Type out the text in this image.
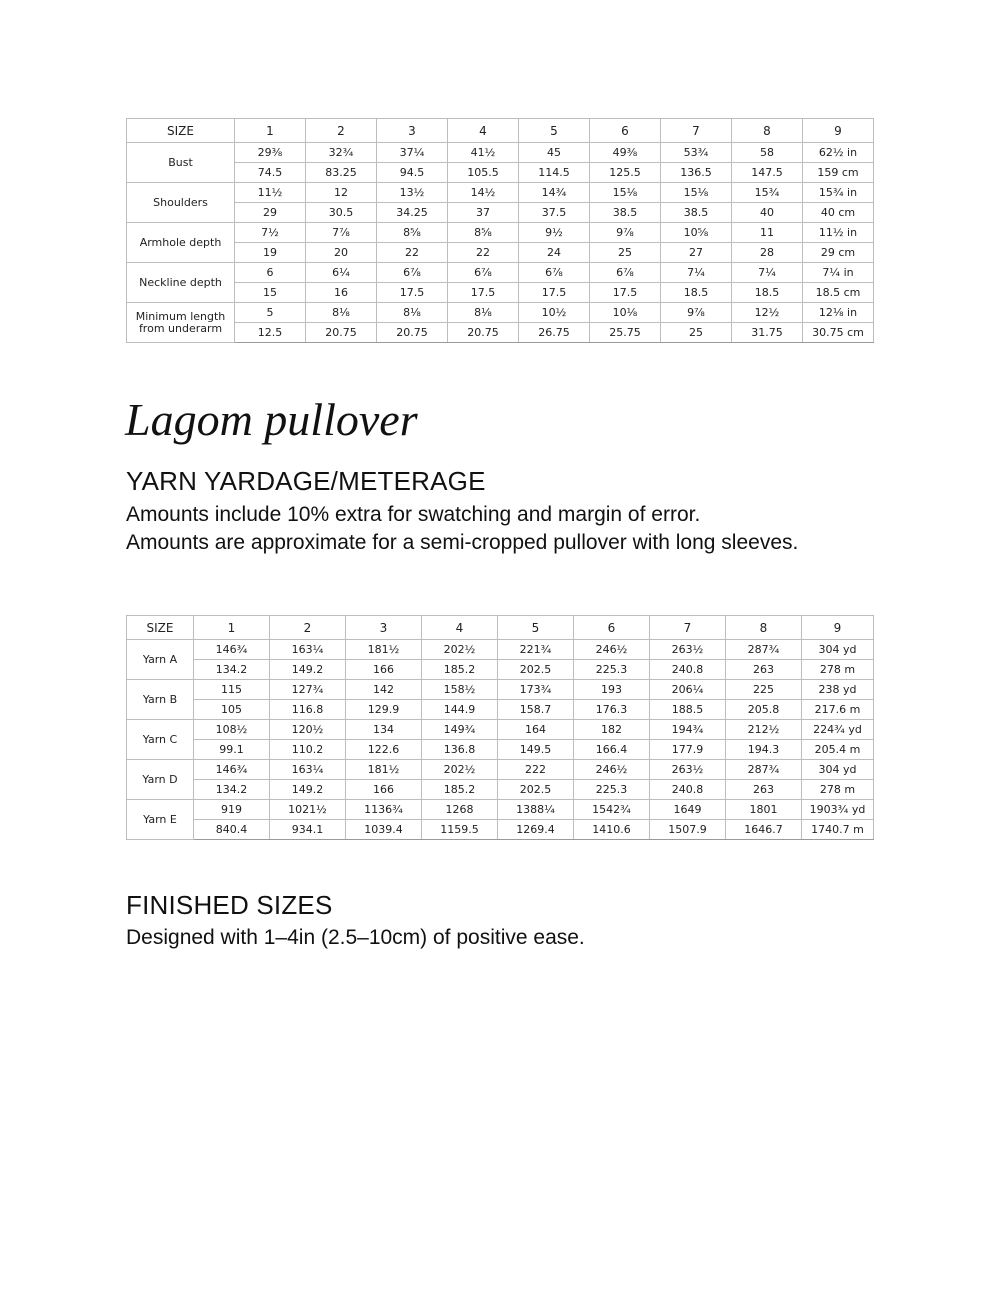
SIZE	1	2	3	4	5	6	7	8	9
Bust	29⅜	32¾	37¼	41½	45	49⅜	53¾	58	62½ in
	74.5	83.25	94.5	105.5	114.5	125.5	136.5	147.5	159 cm
Shoulders	11½	12	13½	14½	14¾	15⅛	15⅛	15¾	15¾ in
	29	30.5	34.25	37	37.5	38.5	38.5	40	40 cm
Armhole depth	7½	7⅞	8⅝	8⅝	9½	9⅞	10⅝	11	11½ in
	19	20	22	22	24	25	27	28	29 cm
Neckline depth	6	6¼	6⅞	6⅞	6⅞	6⅞	7¼	7¼	7¼ in
	15	16	17.5	17.5	17.5	17.5	18.5	18.5	18.5 cm
Minimum length from underarm	5	8⅛	8⅛	8⅛	10½	10⅛	9⅞	12½	12⅛ in
	12.5	20.75	20.75	20.75	26.75	25.75	25	31.75	30.75 cm
Lagom pullover
YARN YARDAGE/METERAGE

Amounts include 10% extra for swatching and margin of error.

Amounts are approximate for a semi-cropped pullover with long sleeves.

SIZE	1	2	3	4	5	6	7	8	9
Yarn A	146¾	163¼	181½	202½	221¾	246½	263½	287¾	304 yd
	134.2	149.2	166	185.2	202.5	225.3	240.8	263	278 m
Yarn B	115	127¾	142	158½	173¾	193	206¼	225	238 yd
	105	116.8	129.9	144.9	158.7	176.3	188.5	205.8	217.6 m
Yarn C	108½	120½	134	149¾	164	182	194¾	212½	224¾ yd
	99.1	110.2	122.6	136.8	149.5	166.4	177.9	194.3	205.4 m
Yarn D	146¾	163¼	181½	202½	222	246½	263½	287¾	304 yd
	134.2	149.2	166	185.2	202.5	225.3	240.8	263	278 m
Yarn E	919	1021½	1136¾	1268	1388¼	1542¾	1649	1801	1903¾ yd
	840.4	934.1	1039.4	1159.5	1269.4	1410.6	1507.9	1646.7	1740.7 m
FINISHED SIZES

Designed with 1–4in (2.5–10cm) of positive ease.
